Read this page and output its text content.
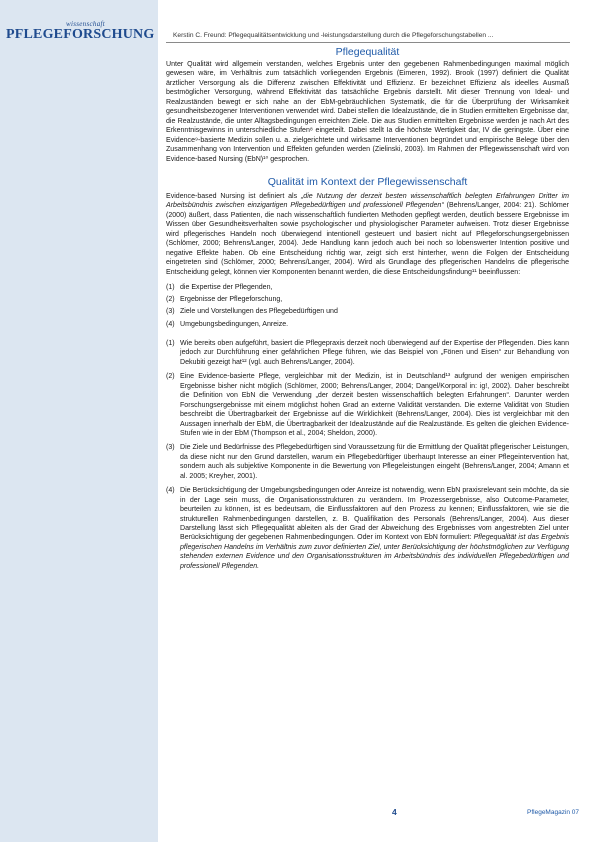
wissenschaft
PFLEGEFORSCHUNG	Kerstin C. Freund: Pflegequalitätsentwicklung und -leistungsdarstellung durch die Pflegeforschungstabellen ...
Pflegequalität

Unter Qualität wird allgemein verstanden, welches Ergebnis unter den gegebenen Rahmenbedingungen maximal möglich gewesen wäre, im Verhältnis zum tatsächlich vorliegenden Ergebnis (Eimeren, 1992). Brook (1997) definiert die Qualität ärztlicher Versorgung als die Differenz zwischen Effektivität und Effizienz. Er bezeichnet Effizienz als ideelles Ausmaß bestmöglicher Versorgung, während Effektivität das tatsächliche Ergebnis darstellt. Mit dieser Trennung von Ideal- und Realzuständen bewegt er sich nahe an der EbM-gebräuchlichen Systematik, die für die Überprüfung der Wirksamkeit gesundheitsbezogener Interventionen verwendet wird. Dabei stellen die Idealzustände, die in Studien ermittelten Ergebnisse dar, die Realzustände, die unter Alltagsbedingungen erreichten Ziele. Die aus Studien ermittelten Ergebnisse werden je nach Art des Erkenntnisgewinns in unterschiedliche Stufen⁸ eingeteilt. Dabei stellt Ia die höchste Wertigkeit dar, IV die geringste. Über eine Evidence⁹-basierte Medizin sollen u. a. zielgerichtete und wirksame Interventionen begründet und empirische Belege über den Zusammenhang von Intervention und Effekten gefunden werden (Zielinski, 2003). Im Rahmen der Pflegewissenschaft wird von Evidence-based Nursing (EbN)¹⁰ gesprochen.

Qualität im Kontext der Pflegewissenschaft

Evidence-based Nursing ist definiert als „die Nutzung der derzeit besten wissenschaftlich belegten Erfahrungen Dritter im Arbeitsbündnis zwischen einzigartigen Pflegebedürftigen und professionell Pflegenden“ (Behrens/Langer, 2004: 21). Schlömer (2000) äußert, dass Patienten, die nach wissenschaftlich fundierten Methoden gepflegt werden, deutlich bessere Ergebnisse im Wissen über Gesundheitsverhalten sowie psychologischer und physiologischer Parameter aufweisen. Trotz dieser Ergebnisse wird pflegerisches Handeln noch überwiegend intentionell gesteuert und basiert nicht auf Pflegeforschungsergebnissen (Schlömer, 2000; Behrens/Langer, 2004). Jede Handlung kann jedoch auch bei noch so lobenswerter Intention positive und negative Effekte haben. Ob eine Entscheidung richtig war, zeigt sich erst hinterher, wenn die Folgen der Entscheidung eingetreten sind (Schlömer, 2000; Behrens/Langer, 2004). Wird als Grundlage des pflegerischen Handelns die pflegerische Entscheidung gelegt, können vier Komponenten benannt werden, die diese Entscheidungsfindung¹¹ beeinflussen:

(1) die Expertise der Pflegenden,
(2) Ergebnisse der Pflegeforschung,
(3) Ziele und Vorstellungen des Pflegebedürftigen und
(4) Umgebungsbedingungen, Anreize.
(1) Wie bereits oben aufgeführt, basiert die Pflegepraxis derzeit noch überwiegend auf der Expertise der Pflegenden. Dies kann jedoch zur Durchführung einer gefährlichen Pflege führen, wie das Beispiel von „Fönen und Eisen“ zur Behandlung von Dekubiti gezeigt hat¹² (vgl. auch Behrens/Langer, 2004).
(2) Eine Evidence-basierte Pflege, vergleichbar mit der Medizin, ist in Deutschland¹³ aufgrund der wenigen empirischen Ergebnisse bisher nicht möglich (Schlömer, 2000; Behrens/Langer, 2004; Dangel/Korporal in: ig!, 2002). Daher beschreibt die Definition von EbN die Verwendung „der derzeit besten wissenschaftlich belegten Erfahrungen“. Darunter werden Forschungsergebnisse mit einem möglichst hohen Grad an externe Validität verstanden. Die externe Validität von Studien beschreibt die Übertragbarkeit der Ergebnisse auf die Wirklichkeit (Behrens/Langer, 2004). Dies ist vergleichbar mit den Aussagen innerhalb der EbM, die Übertragbarkeit der Idealzustände auf die Realzustände. Es gelten die gleichen Evidence-Stufen wie in der EbM (Thompson et al., 2004; Sheldon, 2000).
(3) Die Ziele und Bedürfnisse des Pflegebedürftigen sind Voraussetzung für die Ermittlung der Qualität pflegerischer Leistungen, da diese nicht nur den Grund darstellen, warum ein Pflegebedürftiger überhaupt Interesse an einer Pflegeintervention hat, sondern auch als subjektive Komponente in die Bewertung von Pflegeleistungen eingeht (Behrens/Langer, 2004; Amann et al. 2005; Kreyher, 2001).
(4) Die Berücksichtigung der Umgebungsbedingungen oder Anreize ist notwendig, wenn EbN praxisrelevant sein möchte, da sie in der Lage sein muss, die Organisationsstrukturen zu verändern. Im Prozessergebnisse, also Outcome-Parameter, beurteilen zu können, ist es bedeutsam, die Einflussfaktoren auf den Prozess zu kennen; Einflussfaktoren, wie sie die strukturellen Rahmenbedingungen darstellen, z. B. Qualifikation des Personals (Behrens/Langer, 2004). Aus dieser Darstellung lässt sich Pflegequalität ableiten als der Grad der Abweichung des Ergebnisses vom angestrebten Ziel unter Berücksichtigung der gegebenen Rahmenbedingungen. Oder im Kontext von EbN formuliert: Pflegequalität ist das Ergebnis pflegerischen Handelns im Verhältnis zum zuvor definierten Ziel, unter Berücksichtigung der höchstmöglichen zur Verfügung stehenden externen Evidence und den Organisationsstrukturen im Arbeitsbündnis des individuellen Pflegebedürftigen und professionell Pflegenden.
4	PflegeMagazin 07
